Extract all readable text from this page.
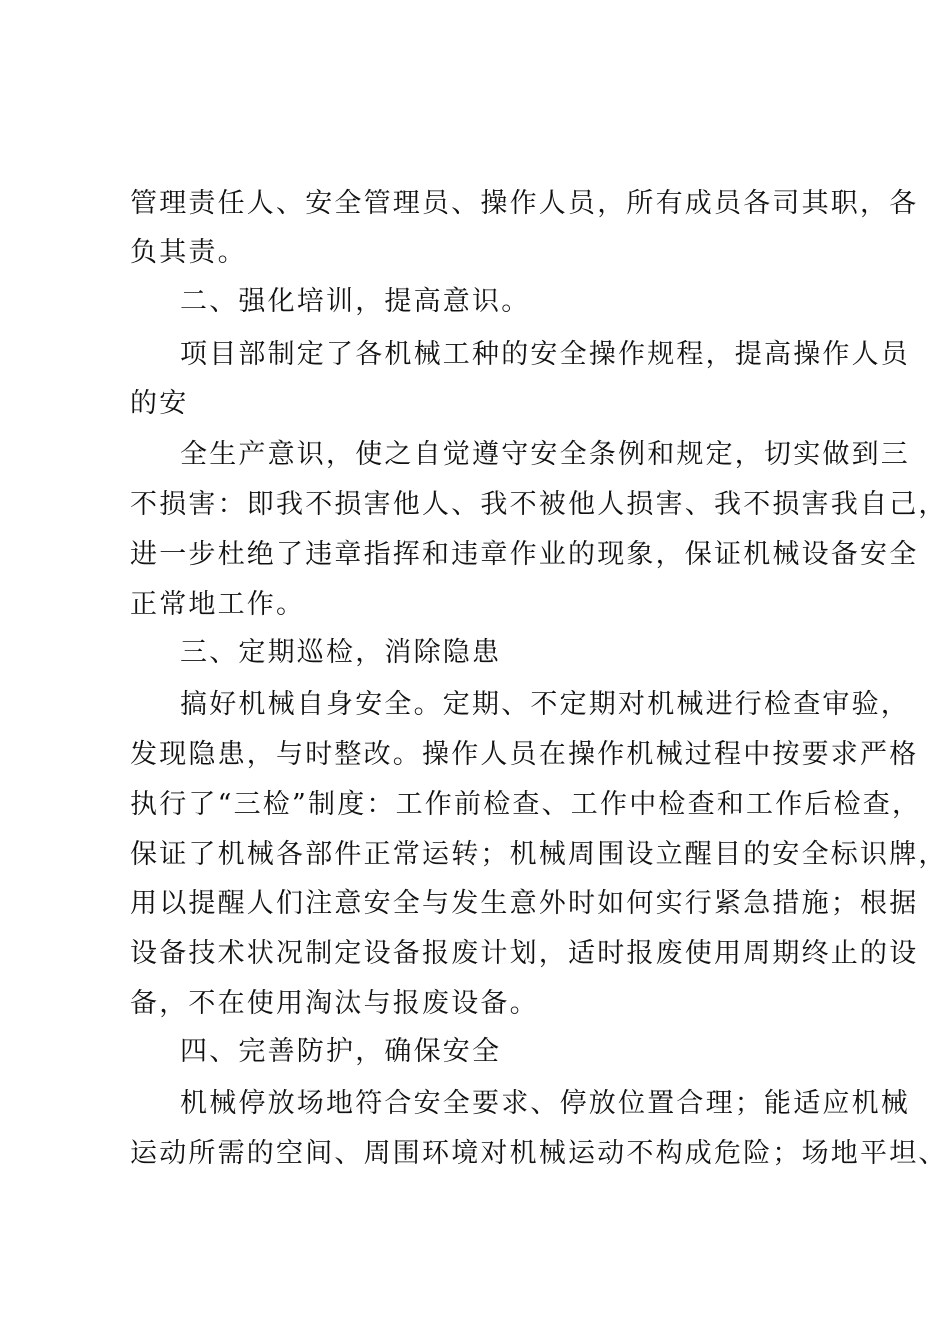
管理责任人、安全管理员、操作人员，所有成员各司其职，各
负其责。
二、强化培训，提高意识。
项目部制定了各机械工种的安全操作规程，提高操作人员
的安
全生产意识，使之自觉遵守安全条例和规定，切实做到三
不损害：即我不损害他人、我不被他人损害、我不损害我自己，
进一步杜绝了违章指挥和违章作业的现象，保证机械设备安全
正常地工作。
三、定期巡检，消除隐患
搞好机械自身安全。定期、不定期对机械进行检查审验，
发现隐患，与时整改。操作人员在操作机械过程中按要求严格
执行了“三检”制度：工作前检查、工作中检查和工作后检查，
保证了机械各部件正常运转；机械周围设立醒目的安全标识牌，
用以提醒人们注意安全与发生意外时如何实行紧急措施；根据
设备技术状况制定设备报废计划，适时报废使用周期终止的设
备，不在使用淘汰与报废设备。
四、完善防护，确保安全
机械停放场地符合安全要求、停放位置合理；能适应机械
运动所需的空间、周围环境对机械运动不构成危险；场地平坦、
